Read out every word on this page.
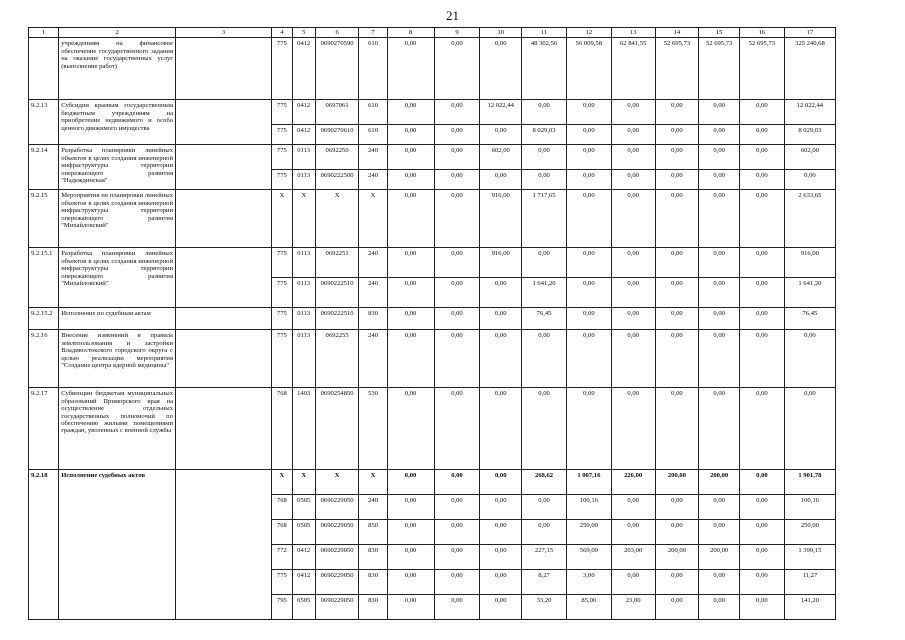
21
1	2	3	4	5	6	7	8	9	10	11	12	13	14	15	16	17
	учреждениям на финансовое обеспечение государственного задания на оказание государственных услуг (выполнение работ)		775	0412	0690270590	610	0,00	0,00	0,00	48 302,56	56 009,58	62 841,55	52 695,73	52 695,73	52 695,73	325 240,68
9.2.13	Субсидии краевым государственным бюджетным учреждениям на приобретение недвижимого и особо ценного движимого имущества		775	0412	0697061	610	0,00	0,00	12 022,44	0,00	0,00	0,00	0,00	0,00	0,00	12 022,44
			775	0412	0690270610	610	0,00	0,00	0,00	8 029,03	0,00	0,00	0,00	0,00	0,00	8 029,03
9.2.14	Разработка планировки линейных объектов в целях создания инженерной инфраструктуры территории опережающего развития "Надеждинская"		775	0113	0692250	240	0,00	0,00	602,00	0,00	0,00	0,00	0,00	0,00	0,00	602,00
			775	0113	0690222500	240	0,00	0,00	0,00	0,00	0,00	0,00	0,00	0,00	0,00	0,00
9.2.15	Мероприятия по планировки линейных объектов в целях создания инженерной инфраструктуры территории опережающего развития "Михайловский"		X	X	X	X	0,00	0,00	916,00	1 717,65	0,00	0,00	0,00	0,00	0,00	2 633,65
9.2.15.1	Разработка планировки линейных объектов в целях создания инженерной инфраструктуры территории опережающего развития "Михайловский"		775	0113	0692251	240	0,00	0,00	916,00	0,00	0,00	0,00	0,00	0,00	0,00	916,00
			775	0113	0690222510	240	0,00	0,00	0,00	1 641,20	0,00	0,00	0,00	0,00	0,00	1 641,20
9.2.15.2	Исполнение по судебным актам		775	0113	0690222510	830	0,00	0,00	0,00	76,45	0,00	0,00	0,00	0,00	0,00	76,45
9.2.16	Внесение изменений в правила землепользования и застройки Владивостокского городского округа с целью реализации мероприятия "Создание центра ядерной медицины"		775	0113	0692255	240	0,00	0,00	0,00	0,00	0,00	0,00	0,00	0,00	0,00	0,00
9.2.17	Субвенции бюджетам муниципальных образований Приморского края на осуществление отдельных государственных полномочий по обеспечению жилыми помещениями граждан, уволенных с военной службы		768	1403	0690254850	530	0,00	0,00	0,00	0,00	0,00	0,00	0,00	0,00	0,00	0,00
9.2.18	Исполнение судебных актов		X	X	X	X	0,00	0,00	0,00	268,62	1 007,16	226,00	200,00	200,00	0,00	1 901,78
			768	0505	0690229050	240	0,00	0,00	0,00	0,00	100,16	0,00	0,00	0,00	0,00	100,16
			768	0505	0690229050	850	0,00	0,00	0,00	0,00	250,00	0,00	0,00	0,00	0,00	250,00
			772	0412	0690229050	830	0,00	0,00	0,00	227,15	569,00	203,00	200,00	200,00	0,00	1 399,15
			775	0412	0690229050	830	0,00	0,00	0,00	8,27	3,00	0,00	0,00	0,00	0,00	11,27
			795	0505	0690229050	830	0,00	0,00	0,00	33,20	85,00	23,00	0,00	0,00	0,00	141,20
